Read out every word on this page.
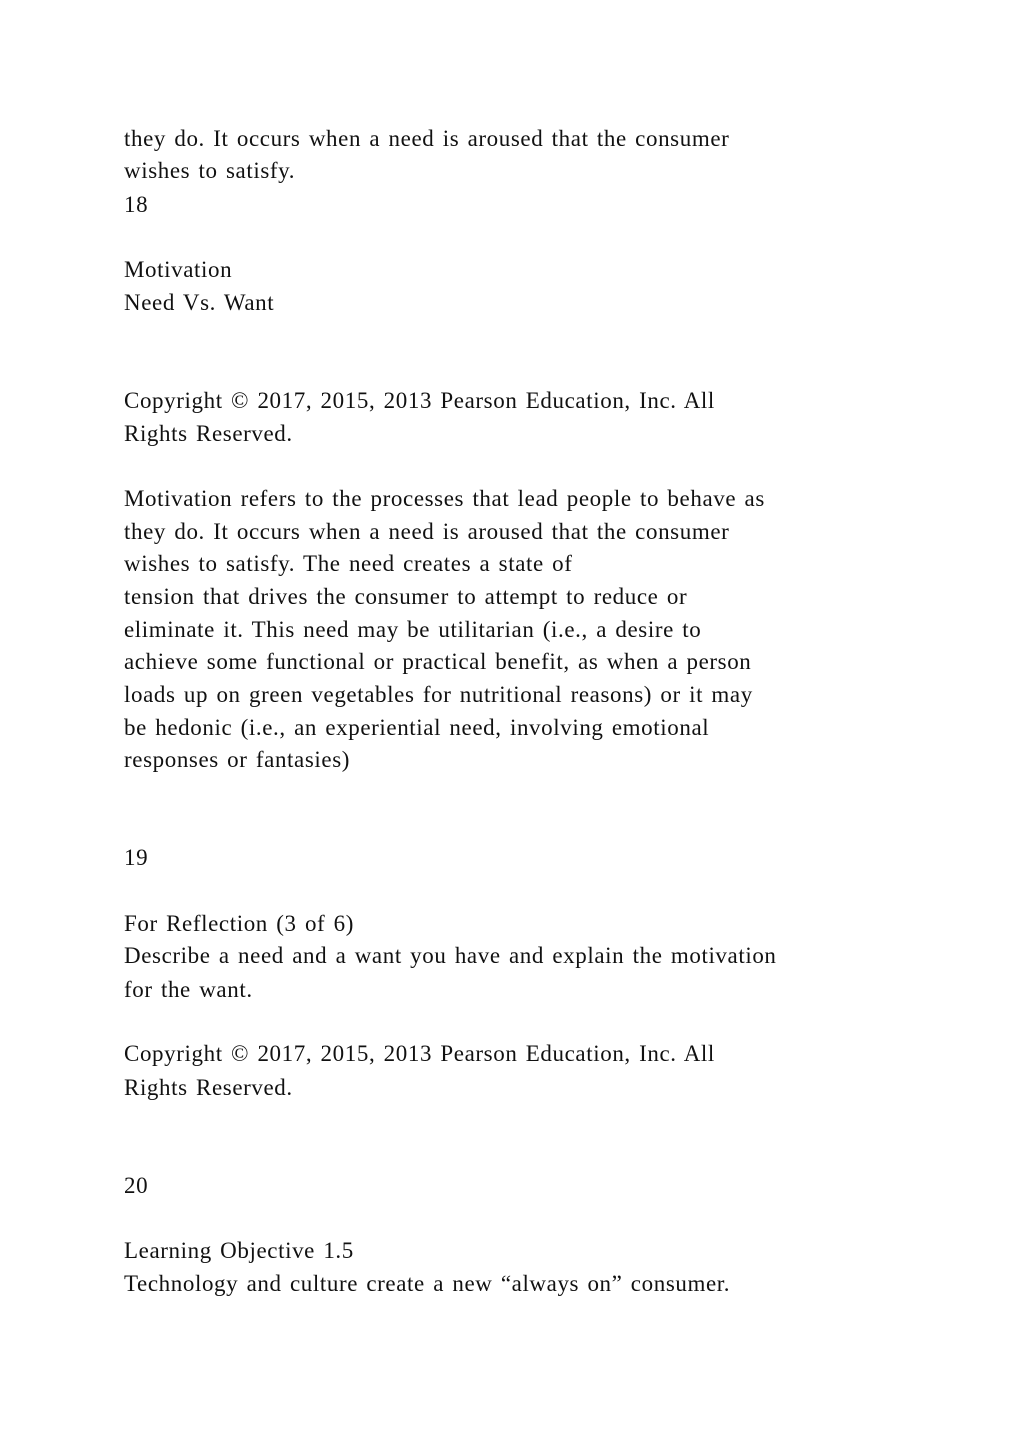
they do. It occurs when a need is aroused that the consumer

wishes to satisfy.

18

Motivation

Need Vs. Want

Copyright © 2017, 2015, 2013 Pearson Education, Inc. All

Rights Reserved.

Motivation refers to the processes that lead people to behave as

they do. It occurs when a need is aroused that the consumer

wishes to satisfy. The need creates a state of

tension that drives the consumer to attempt to reduce or

eliminate it. This need may be utilitarian (i.e., a desire to

achieve some functional or practical benefit, as when a person

loads up on green vegetables for nutritional reasons) or it may

be hedonic (i.e., an experiential need, involving emotional

responses or fantasies)

19

For Reflection (3 of 6)

Describe a need and a want you have and explain the motivation

for the want.

Copyright © 2017, 2015, 2013 Pearson Education, Inc. All

Rights Reserved.

20

Learning Objective 1.5

Technology and culture create a new “always on” consumer.
